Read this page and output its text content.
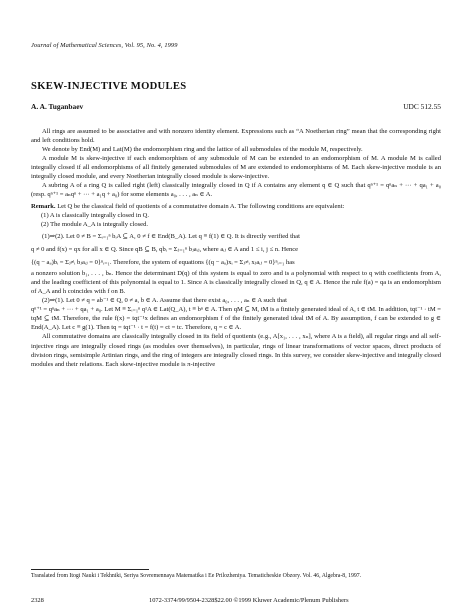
Journal of Mathematical Sciences, Vol. 95, No. 4, 1999
SKEW-INJECTIVE MODULES
A. A. Tuganbaev	UDC 512.55

All rings are assumed to be associative and with nonzero identity element. Expressions such as “A Noetherian ring” mean that the corresponding right and left conditions hold.

We denote by End(M) and Lat(M) the endomorphism ring and the lattice of all submodules of the module M, respectively.

A module M is skew-injective if each endomorphism of any submodule of M can be extended to an endomorphism of M. A module M is called integrally closed if all endomorphisms of all finitely generated submodules of M are extended to endomorphisms of M. Each skew-injective module is an integrally closed module, and every Noetherian integrally closed module is skew-injective.

A subring A of a ring Q is called right (left) classically integrally closed in Q if A contains any element q ∈ Q such that qⁿ⁺¹ = qⁿaₙ + ··· + qa₁ + a₀ (resp. qⁿ⁺¹ = aₙqⁿ + ··· + a₁q + a₀) for some elements a₀, . . . , aₙ ∈ A.

Remark. Let Q be the classical field of quotients of a commutative domain A. The following conditions are equivalent:

(1) A is classically integrally closed in Q.

(2) The module A_A is integrally closed.

(1)⇒(2). Let 0 ≠ B = Σᵢ₌₁ⁿ bᵢA ⊆ A, 0 ≠ f ∈ End(B_A). Let q ≡ f(1) ∈ Q. It is directly verified that

q ≠ 0 and f(x) = qx for all x ∈ Q. Since qB ⊆ B, qbᵢ = Σⱼ₌₁ⁿ bⱼaᵢⱼ, where aᵢⱼ ∈ A and 1 ≤ i, j ≤ n. Hence

{(q − aᵢᵢ)bᵢ = Σⱼ≠ᵢ bⱼaᵢⱼ = 0}ⁿᵢ₌₁. Therefore, the system of equations {(q − aᵢᵢ)xᵢ = Σⱼ≠ᵢ xⱼaᵢⱼ = 0}ⁿᵢ₌₁ has

a nonzero solution b₁, . . . , bₙ. Hence the determinant D(q) of this system is equal to zero and is a polynomial with respect to q with coefficients from A, and the leading coefficient of this polynomial is equal to 1. Since A is classically integrally closed in Q, q ∈ A. Hence the rule f(a) = qa is an endomorphism of A_A and h coincides with f on B.

(2)⇒(1). Let 0 ≠ q = ab⁻¹ ∈ Q, 0 ≠ a, b ∈ A. Assume that there exist a₀, . . . , aₙ ∈ A such that

qⁿ⁺¹ = qⁿaₙ + ··· + qa₁ + a₀. Let M ≡ Σᵢ₌₁ⁿ q¹A ∈ Lat(Q_A), t ≡ bⁿ ∈ A. Then qM ⊆ M, tM is a finitely generated ideal of A, t ∈ tM. In addition, tqt⁻¹ · tM = tqM ⊆ tM. Therefore, the rule f(x) = tqt⁻¹x defines an endomorphism f of the finitely generated ideal tM of A. By assumption, f can be extended to g ∈ End(A_A). Let c ≡ g(1). Then tq = tqt⁻¹ · t = f(t) = ct = tc. Therefore, q = c ∈ A.

All commutative domains are classically integrally closed in its field of quotients (e.g., A[x₁, . . . , xₙ], where A is a field), all regular rings and all self-injective rings are integrally closed rings (as modules over themselves), in particular, rings of linear transformations of vector spaces, direct products of division rings, semisimple Artinian rings, and the ring of integers are integrally closed rings. In this survey, we consider skew-injective and integrally closed modules and their relations. Each skew-injective module is π-injective

Translated from Itogi Nauki i Tekhniki, Seriya Sovremennaya Matematika i Ee Prilozheniya. Tematicheskie Obzory. Vol. 46, Algebra-8, 1997.
2328	1072-3374/99/9504-2328$22.00 ©1999 Kluwer Academic/Plenum Publishers
